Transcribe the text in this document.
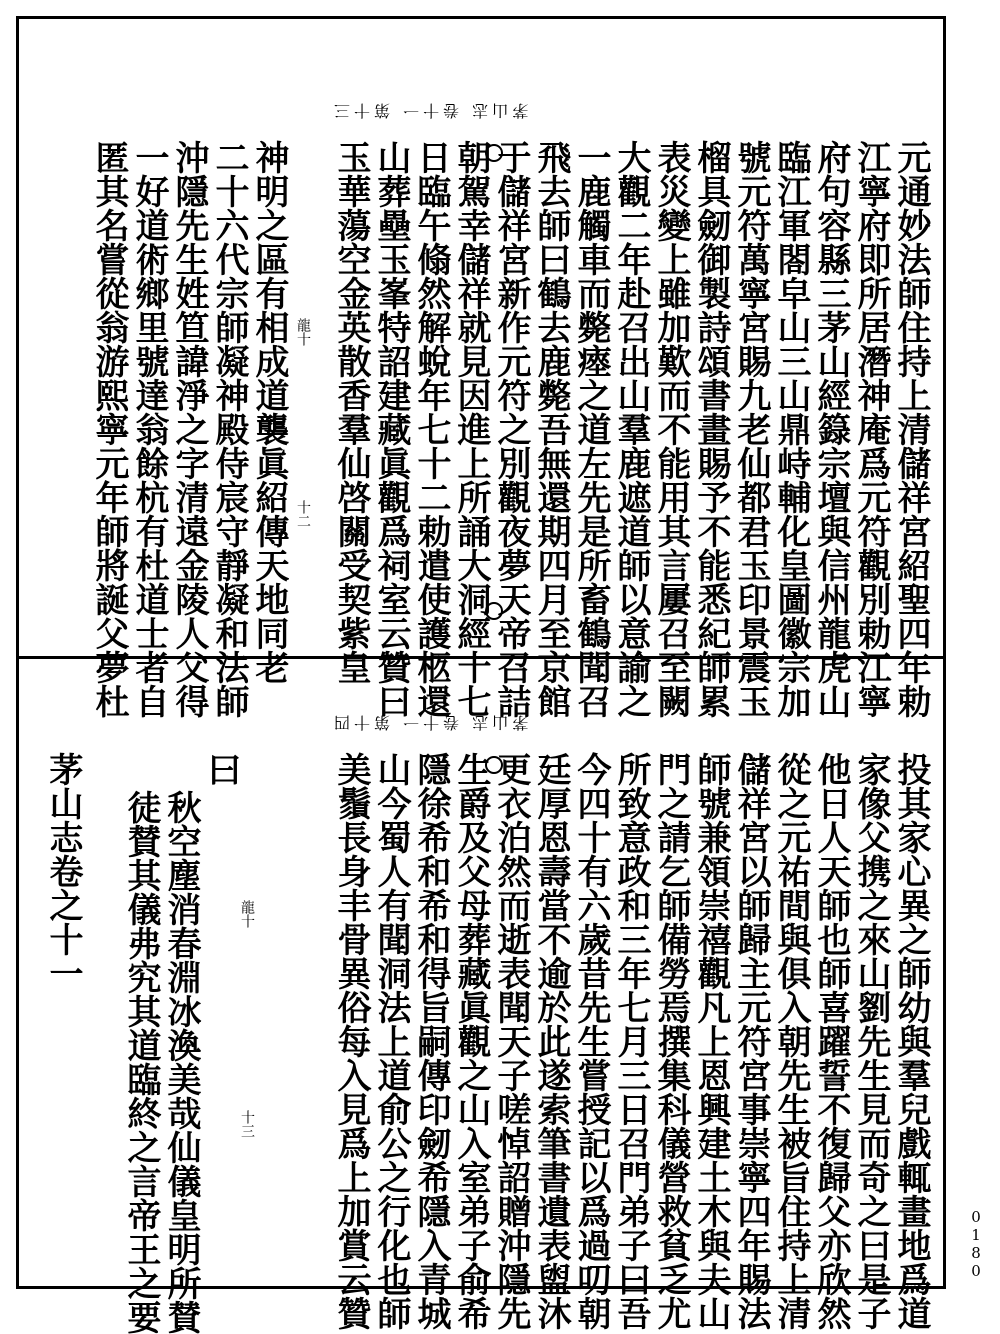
茅山志 卷十一 第十三
元通妙法師住持上清儲祥宮紹聖四年勅
江寧府即所居潛神庵爲元符觀別勅江寧
府句容縣三茅山經籙宗壇與信州龍虎山
臨江軍閤皁山三山鼎峙輔化皇圖徽宗加
號元符萬寧宮賜九老仙都君玉印景震玉
榴具劒御製詩頌書畫賜予不能悉紀師累
表災變上雖加歎而不能用其言屢召至闕
大觀二年赴召出山羣鹿遮道師以意諭之
一鹿觸車而斃瘞之道左先是所畜鶴聞召
飛去師曰鶴去鹿斃吾無還期四月至京館
于儲祥宮新作元符之別觀夜夢天帝召詰
朝駕幸儲祥就見因進上所誦大洞經十七
日臨午翛然解蛻年七十二勅遣使護柩還
山葬壘玉峯特詔建藏眞觀爲祠室云贊曰
玉華蕩空金英散香羣仙啓關受契紫皇
神明之區有相成道襲眞紹傳天地同老
二十六代宗師凝神殿侍宸守靜凝和法師
沖隱先生姓笪諱淨之字清遠金陵人父得
一好道術鄉里號達翁餘杭有杜道士者自
匿其名嘗從翁游熙寧元年師將誕父夢杜	龍十
十二
茅山志 卷十一 第十四
投其家心異之師幼與羣兒戲輒畫地爲道
家像父携之來山劉先生見而奇之曰是子
他日人天師也師喜躍誓不復歸父亦欣然
從之元祐間與俱入朝先生被旨住持上清
儲祥宮以師歸主元符宮事崇寧四年賜法
師號兼領崇禧觀凡上恩興建土木與夫山
門之請乞師備勞焉撰集科儀營救貧乏尤
所致意政和三年七月三日召門弟子曰吾
今四十有六歲昔先生嘗授記以爲過叨朝
廷厚恩壽當不逾於此遂索筆書遺表盥沐
更衣泊然而逝表聞天子嗟悼詔贈沖隱先
生爵及父母葬藏眞觀之山入室弟子俞希
隱徐希和希和得旨嗣傳印劒希隱入青城
山今蜀人有聞洞法上道俞公之行化也師
美鬚長身丰骨異俗每入見爲上加賞云贊
曰
秋空塵消春淵冰渙美哉仙儀皇明所賛
徒賛其儀弗究其道臨終之言帝王之要
茅山志卷之十一	龍十
十三
0180
